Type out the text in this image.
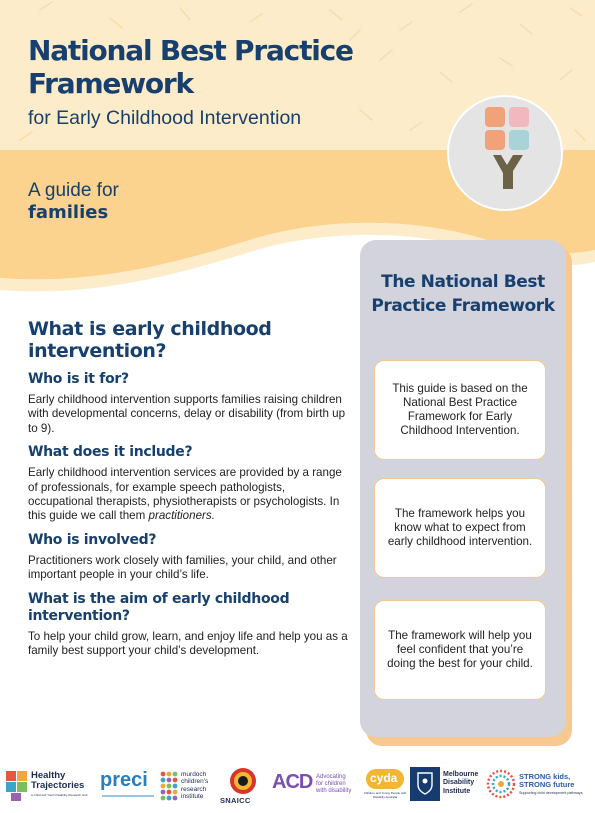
National Best Practice Framework
for Early Childhood Intervention
A guide for
families
What is early childhood intervention?
Who is it for?
Early childhood intervention supports families raising children with developmental concerns, delay or disability (from birth up to 9).
What does it include?
Early childhood intervention services are provided by a range of professionals, for example speech pathologists, occupational therapists, physiotherapists or psychologists. In this guide we call them practitioners.
Who is involved?
Practitioners work closely with families, your child, and other important people in your child’s life.
What is the aim of early childhood intervention?
To help your child grow, learn, and enjoy life and help you as a family best support your child’s development.
The National Best Practice Framework
This guide is based on the National Best Practice Framework for Early Childhood Intervention.
The framework helps you know what to expect from early childhood intervention.
The framework will help you feel confident that you’re doing the best for your child.
Healthy
Trajectories
A Child and Youth Disability Research Hub
preci	murdoch
children's
research
institute	SNAICC
ACD Advocating
for children
with disability
cyda
Children and Young People with Disability Australia
Melbourne
Disability
Institute
STRONG kids,
STRONG future
Supporting child development pathways
